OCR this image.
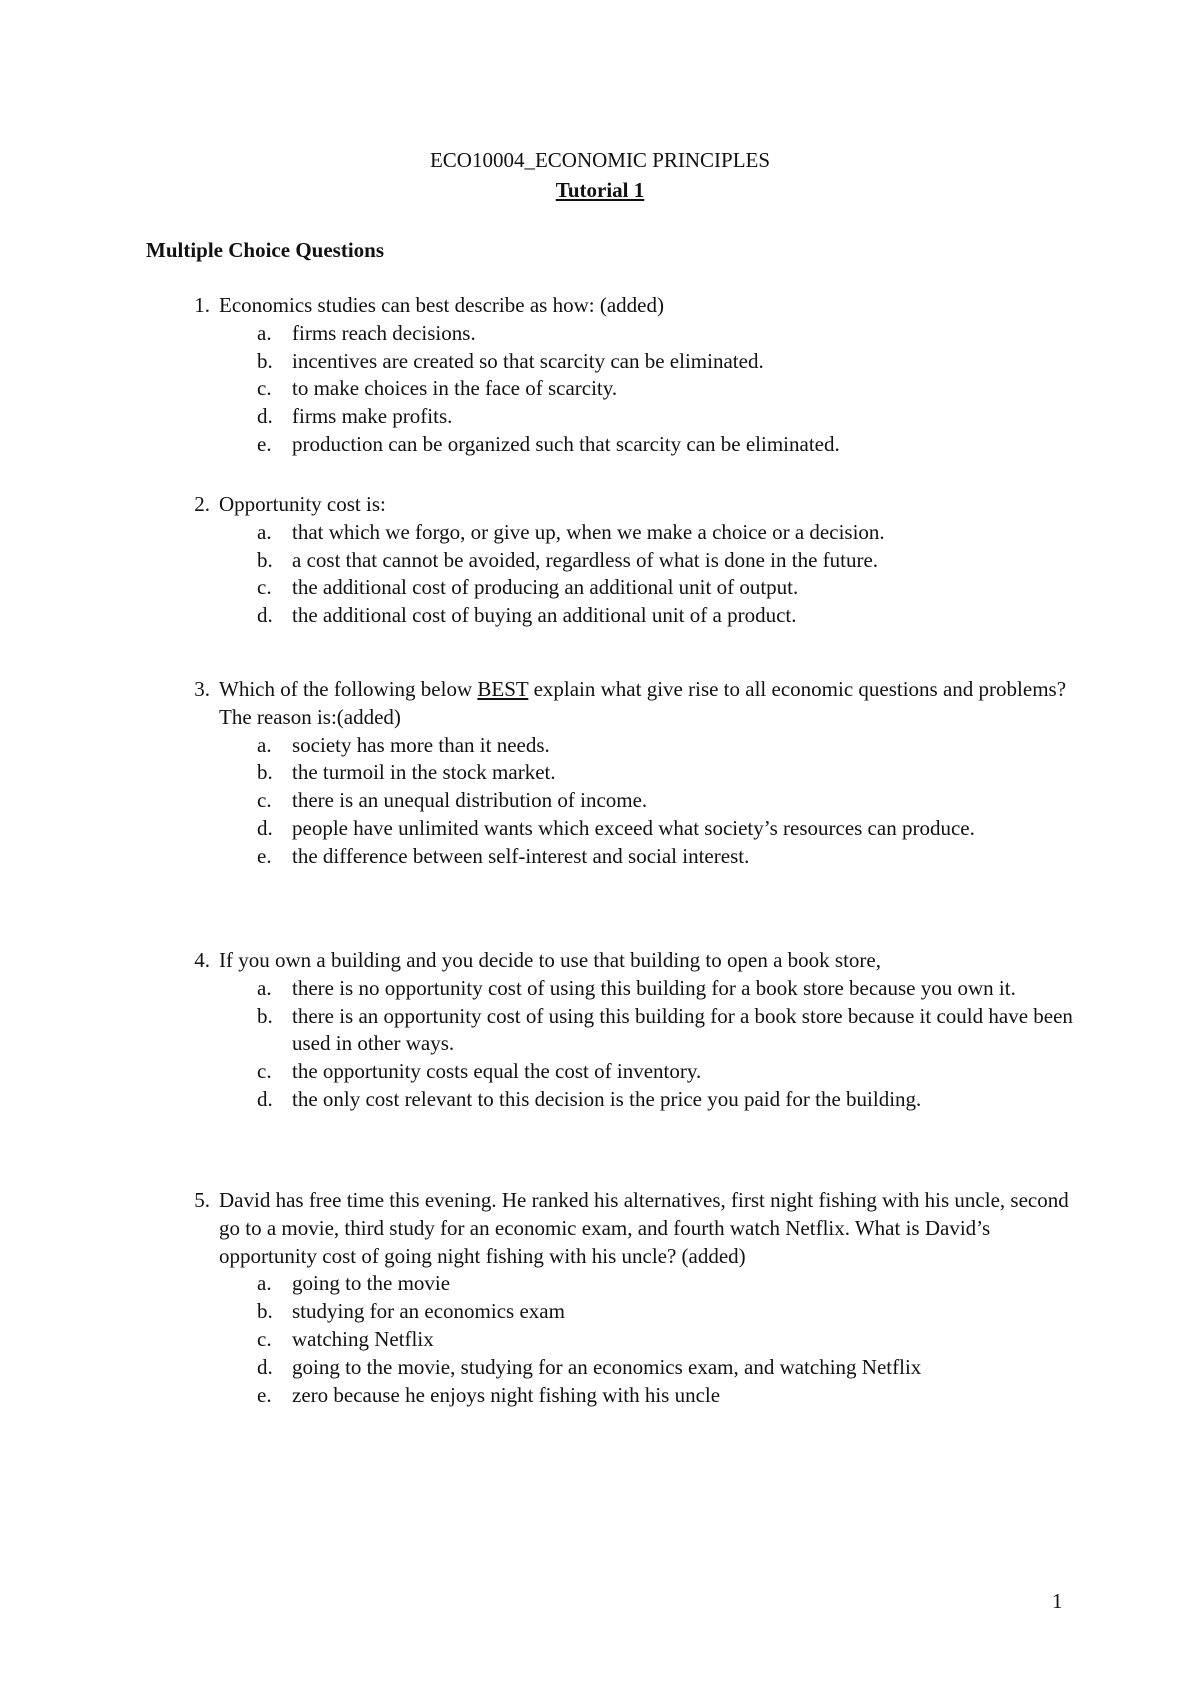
ECO10004_ECONOMIC PRINCIPLES
Tutorial 1
Multiple Choice Questions
1. Economics studies can best describe as how: (added)
a. firms reach decisions.
b. incentives are created so that scarcity can be eliminated.
c. to make choices in the face of scarcity.
d. firms make profits.
e. production can be organized such that scarcity can be eliminated.
2. Opportunity cost is:
a. that which we forgo, or give up, when we make a choice or a decision.
b. a cost that cannot be avoided, regardless of what is done in the future.
c. the additional cost of producing an additional unit of output.
d. the additional cost of buying an additional unit of a product.
3. Which of the following below BEST explain what give rise to all economic questions and problems? The reason is:(added)
a. society has more than it needs.
b. the turmoil in the stock market.
c. there is an unequal distribution of income.
d. people have unlimited wants which exceed what society’s resources can produce.
e. the difference between self-interest and social interest.
4. If you own a building and you decide to use that building to open a book store,
a. there is no opportunity cost of using this building for a book store because you own it.
b. there is an opportunity cost of using this building for a book store because it could have been used in other ways.
c. the opportunity costs equal the cost of inventory.
d. the only cost relevant to this decision is the price you paid for the building.
5. David has free time this evening. He ranked his alternatives, first night fishing with his uncle, second go to a movie, third study for an economic exam, and fourth watch Netflix. What is David’s opportunity cost of going night fishing with his uncle? (added)
a. going to the movie
b. studying for an economics exam
c. watching Netflix
d. going to the movie, studying for an economics exam, and watching Netflix
e. zero because he enjoys night fishing with his uncle
1
